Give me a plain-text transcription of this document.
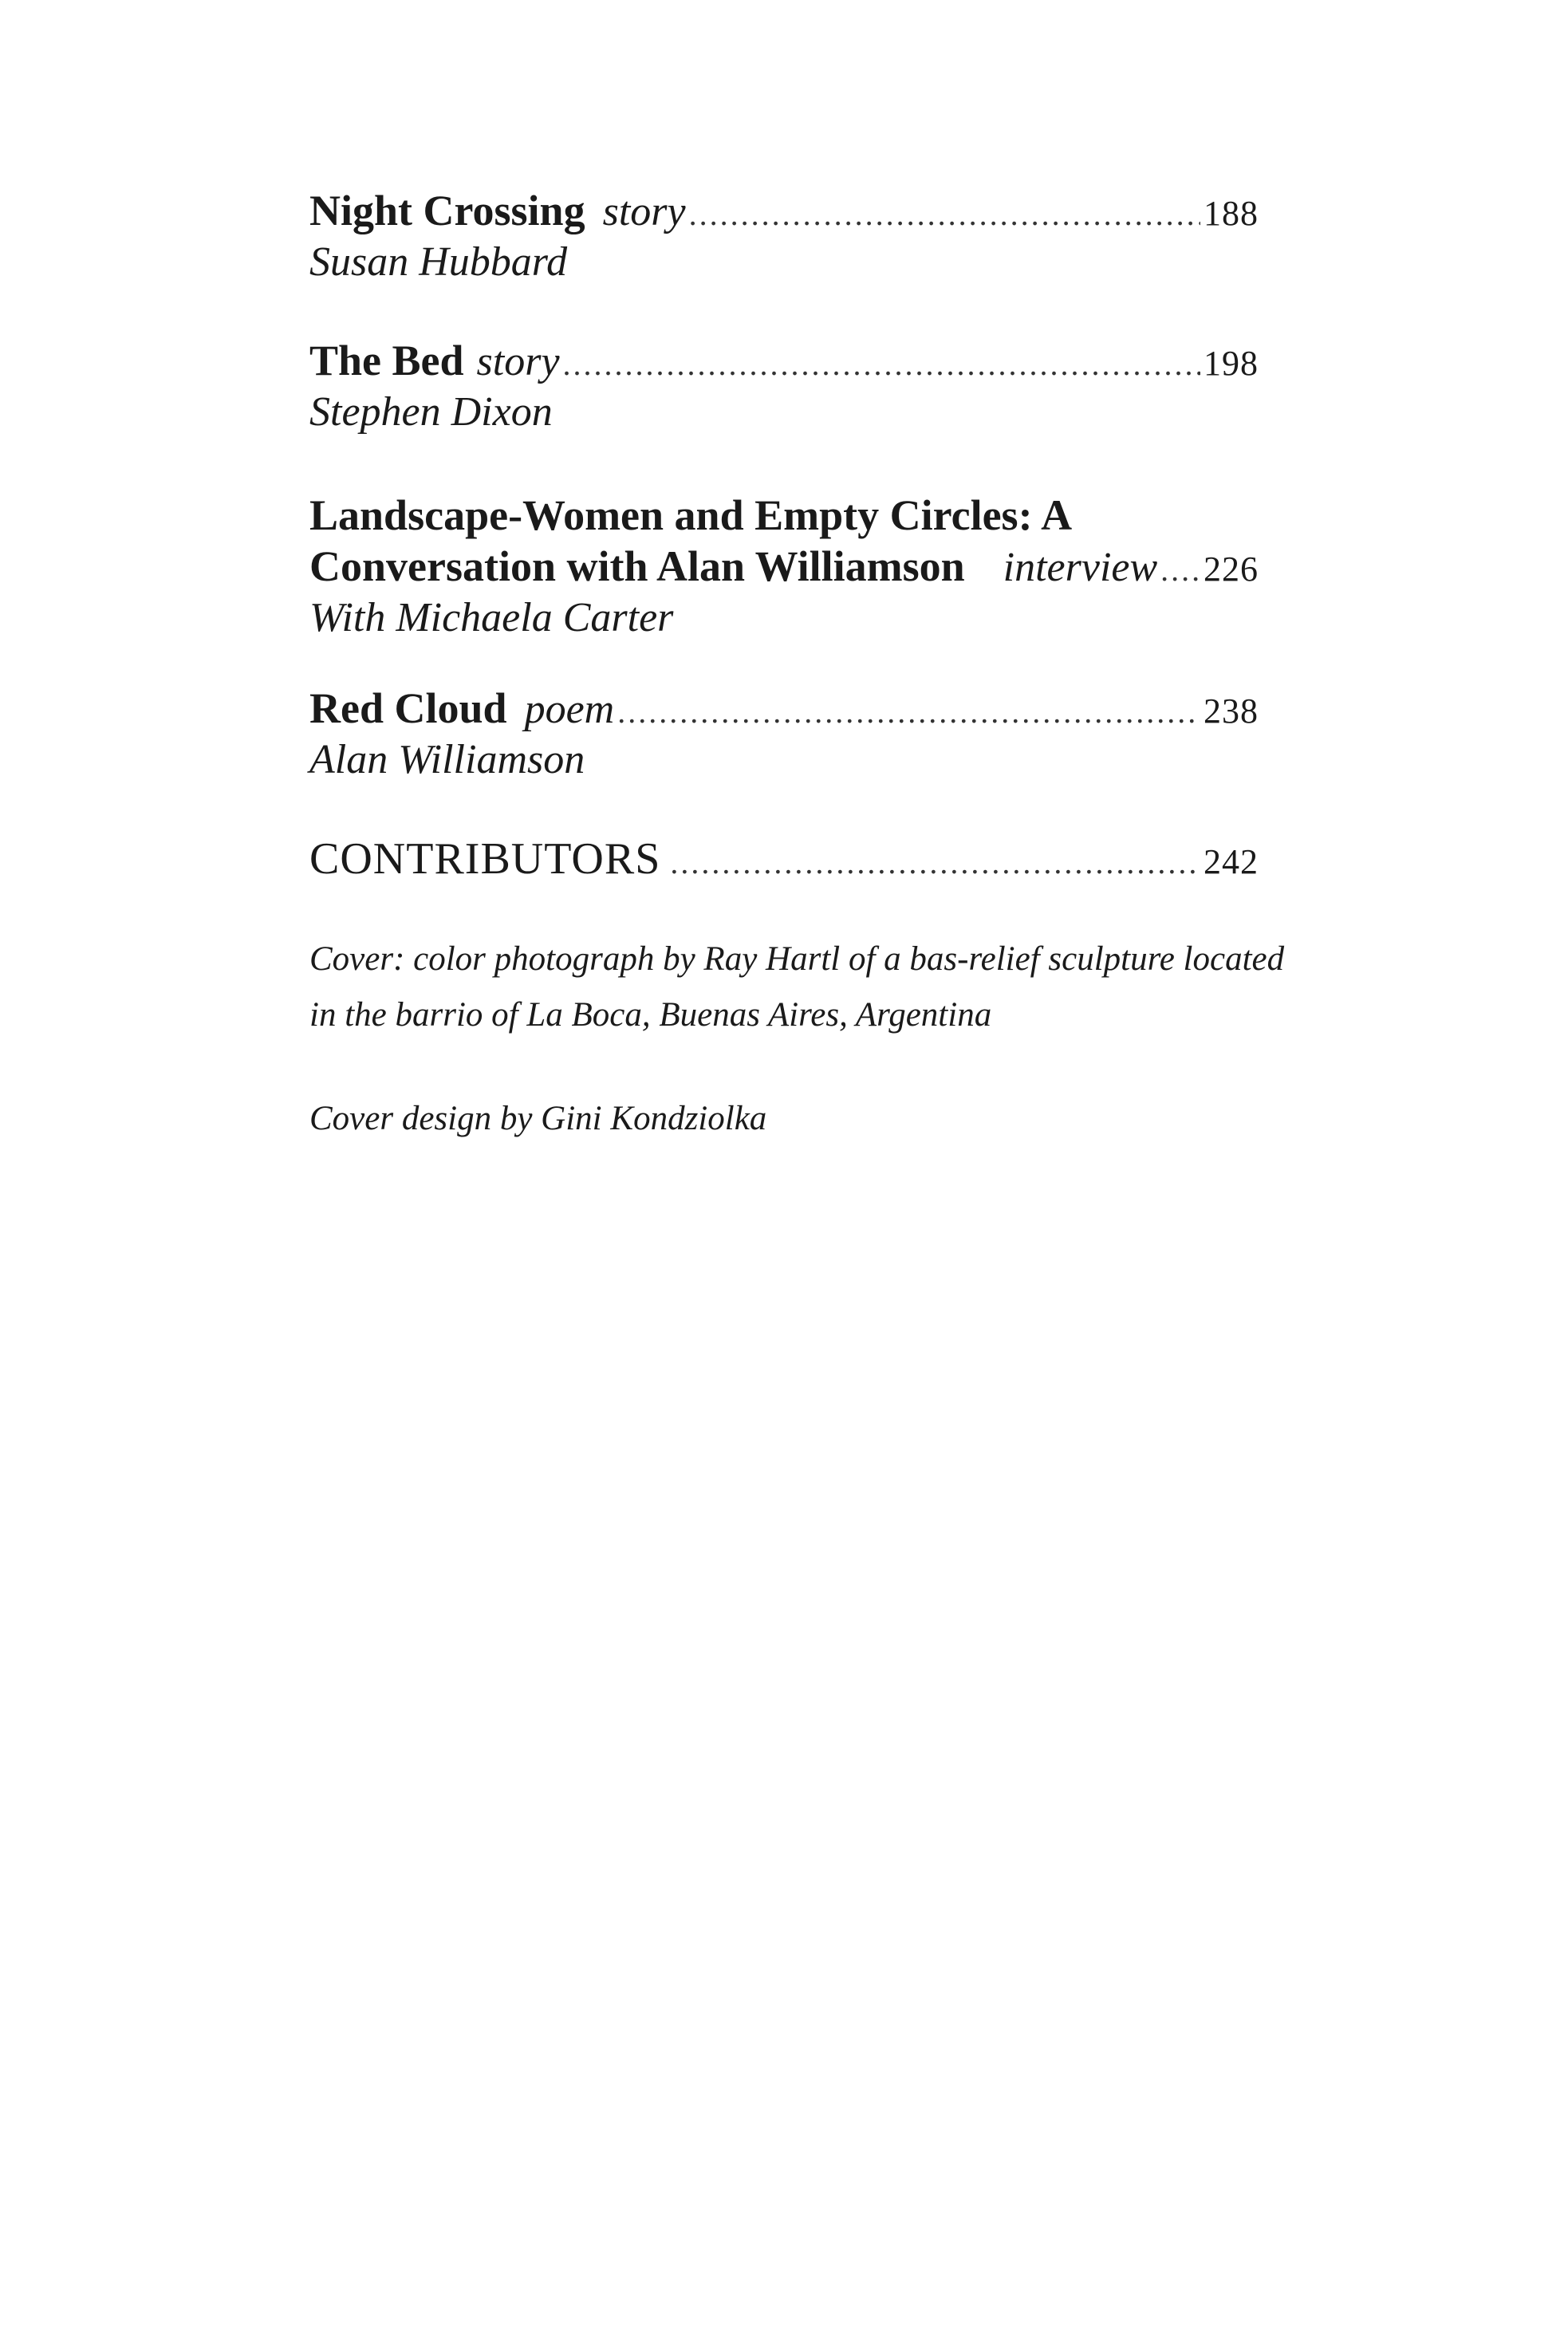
Night Crossing story .....	188
Susan Hubbard
The Bed story .....	198
Stephen Dixon
Landscape-Women and Empty Circles: A
Conversation with Alan Williamson interview ..... 226
With Michaela Carter
Red Cloud poem .....	238
Alan Williamson
CONTRIBUTORS .....	242
Cover: color photograph by Ray Hartl of a bas-relief sculpture located
in the barrio of La Boca, Buenas Aires, Argentina
Cover design by Gini Kondziolka
